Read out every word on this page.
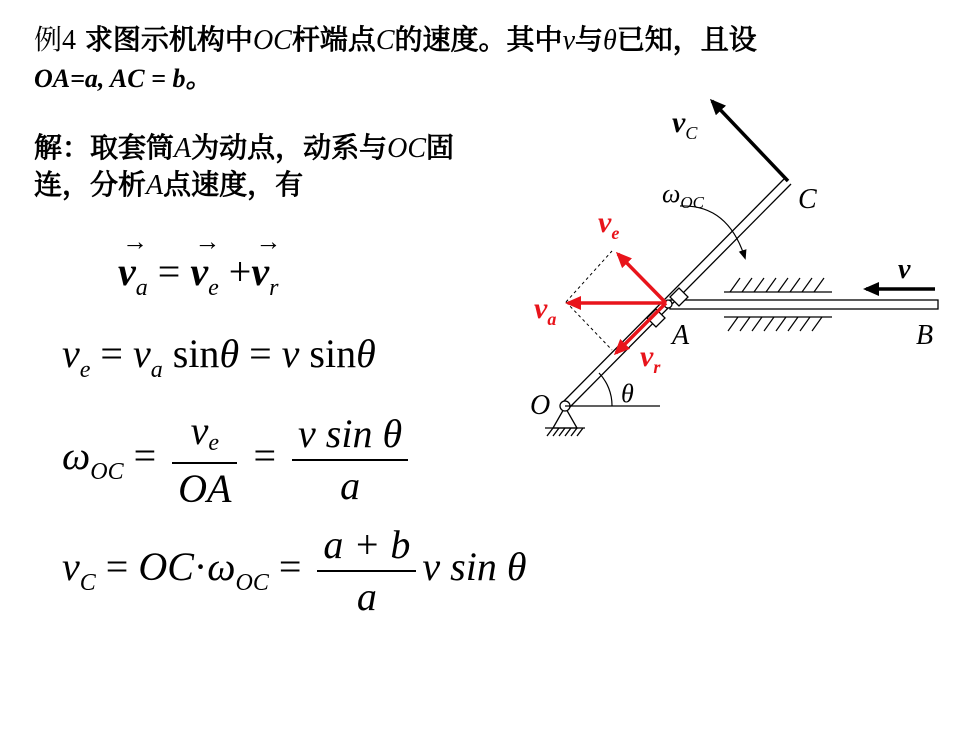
例4 求图示机构中OC杆端点C的速度。其中v与θ已知，且设
OA=a, AC = b。
解：取套筒A为动点，动系与OC固连，分析A点速度，有
→
$v_a$ =
→
$v_e$ +
→
$v_r$
$v_e = v_a$ sinθ = v sinθ
$\omega_{OC} = \frac{ve}{OA} = \frac{\text{v sin θ}}{a}$
$v_C = OC\cdot\omega_{OC} = \frac{a + b}{a}$ v sin θ
$v_C$
$\omega_{OC}$	C
$v_e$
$v_a$
$v_r$
A	B
O	θ
v
